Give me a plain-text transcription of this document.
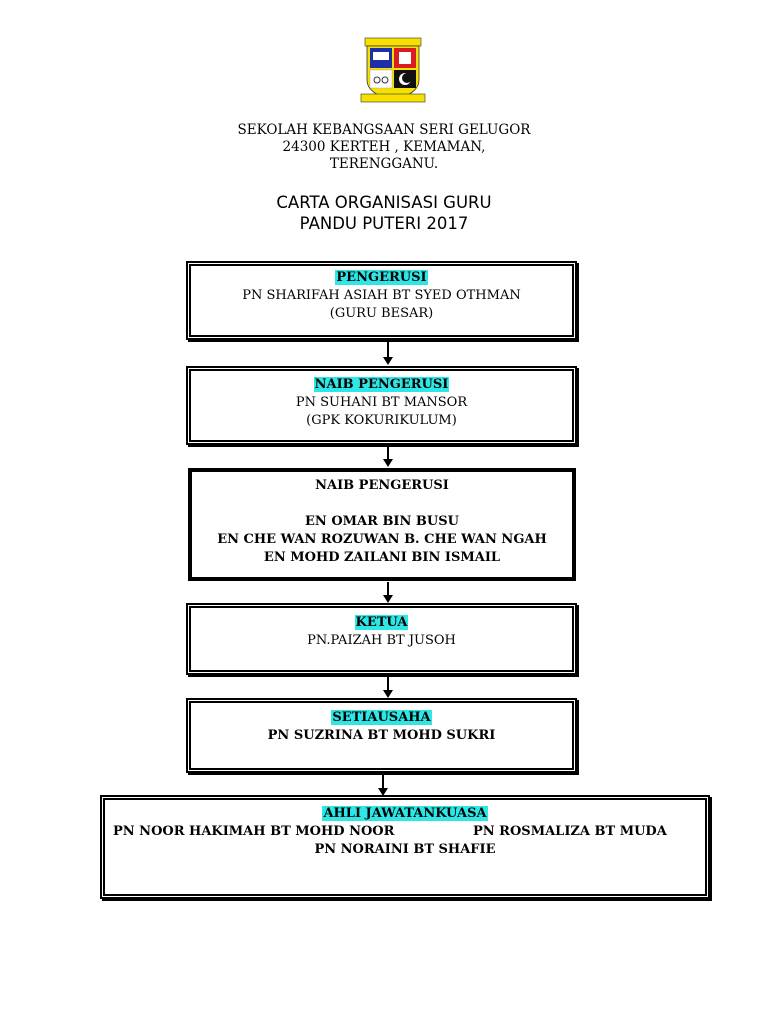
SEKOLAH KEBANGSAAN SERI GELUGOR
24300 KERTEH , KEMAMAN,
TERENGGANU.
CARTA ORGANISASI GURU
PANDU PUTERI 2017
PENGERUSI
PN SHARIFAH ASIAH BT SYED OTHMAN
(GURU BESAR)
NAIB PENGERUSI
PN SUHANI BT MANSOR
(GPK KOKURIKULUM)
NAIB PENGERUSI
EN OMAR BIN BUSU
EN CHE WAN ROZUWAN B. CHE WAN NGAH
EN MOHD ZAILANI BIN ISMAIL
KETUA
PN.PAIZAH BT JUSOH
SETIAUSAHA
PN SUZRINA BT MOHD SUKRI
AHLI JAWATANKUASA
PN NOOR HAKIMAH BT MOHD NOOR	PN ROSMALIZA BT MUDA
PN NORAINI BT SHAFIE
